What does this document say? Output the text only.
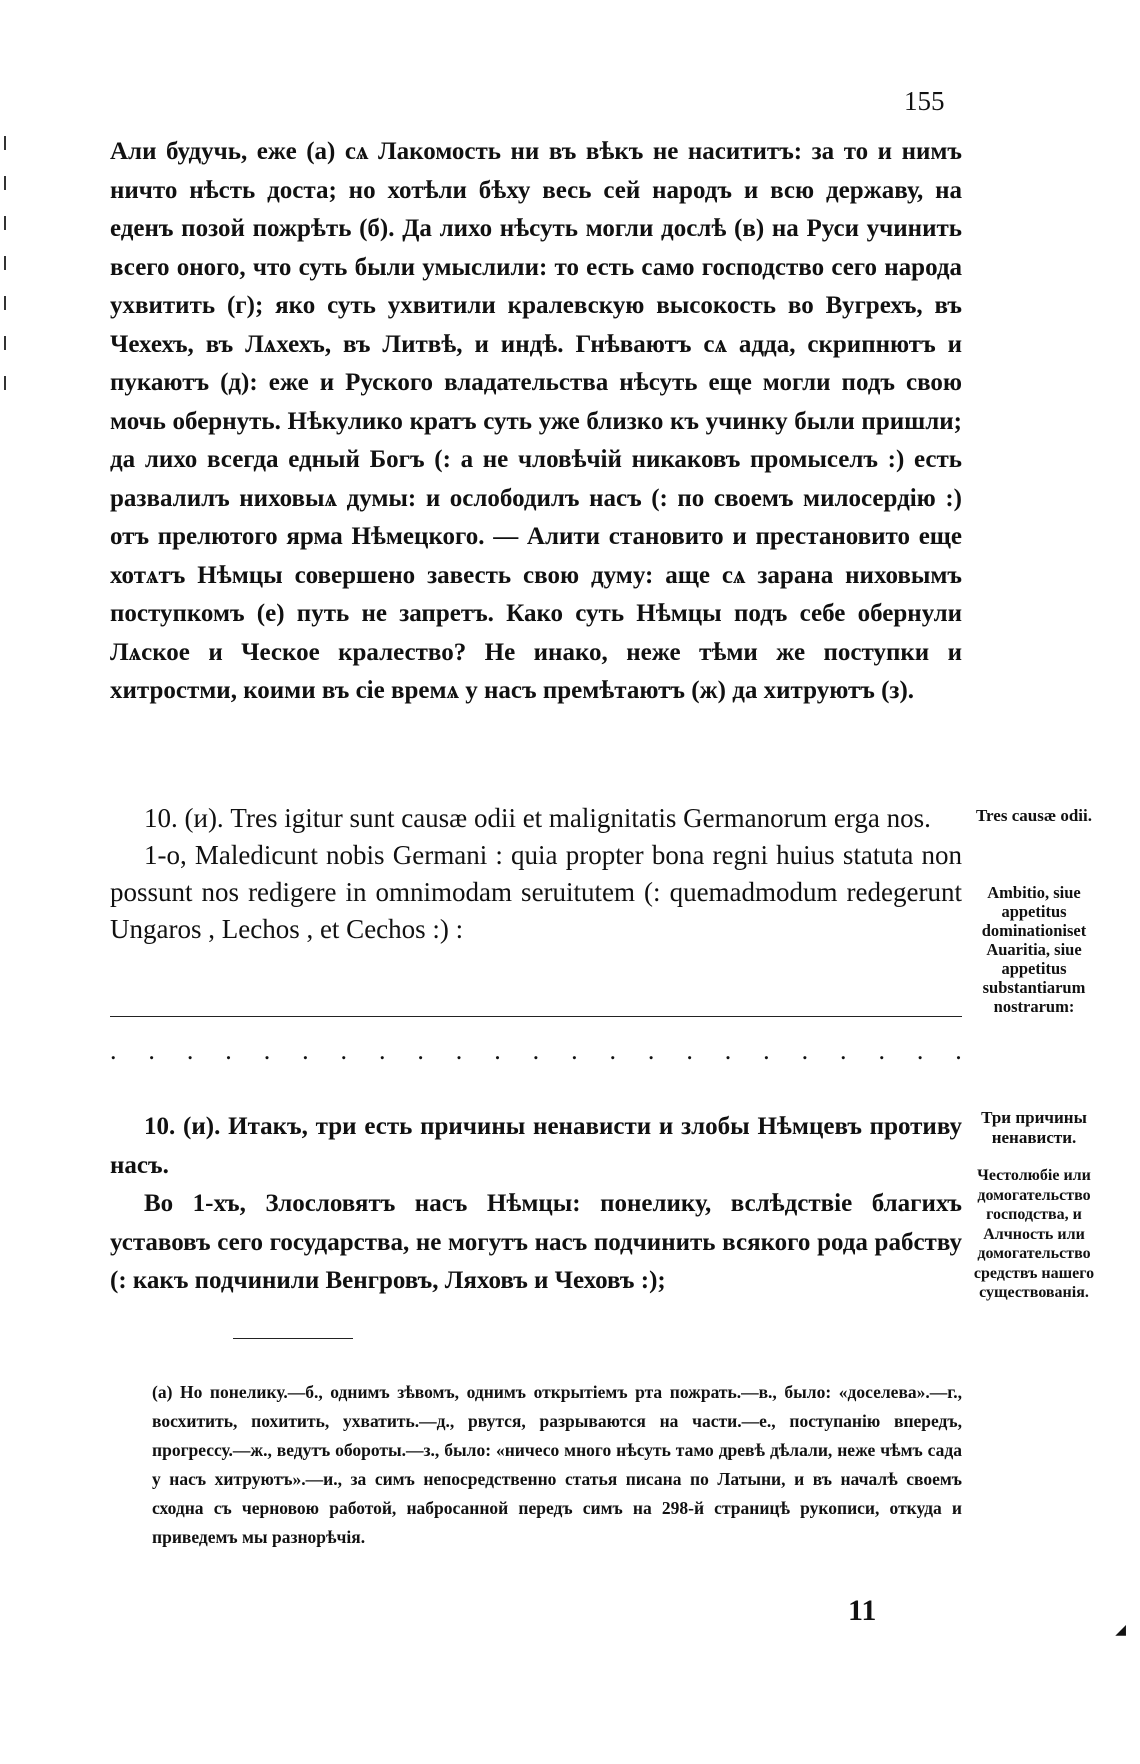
155

Али будучь, еже (а) сѧ Лакомость ни въ вѣкъ не насититъ: за то и нимъ ничто нѣсть доста; но хотѣли бѣху весь сей народъ и всю державу, на еденъ позой пожрѣть (б). Да лихо нѣсуть могли дослѣ (в) на Руси учинить всего оного, что суть были умыслили: то есть само господство сего народа ухвитить (г); яко суть ухвитили кралевскую высокость во Вугрехъ, въ Чехехъ, въ Лѧхехъ, въ Литвѣ, и индѣ. Гнѣваютъ сѧ адда, скрипнютъ и пукаютъ (д): еже и Руского владательства нѣсуть еще могли подъ свою мочь обернуть. Нѣкулико кратъ суть уже близко къ учинку были пришли; да лихо всегда едный Богъ (: а не чловѣчій никаковъ промыселъ :) есть развалилъ ниховыѧ думы: и ослободилъ насъ (: по своемъ милосердію :) отъ прелютого ярма Нѣмецкого. — Алити становито и престановито еще хотѧтъ Нѣмцы совершено завесть свою думу: аще сѧ зарана ниховымъ поступкомъ (е) путь не запретъ. Како суть Нѣмцы подъ себе обернули Лѧское и Ческое кралество? Не инако, неже тѣми же поступки и хитростми, коими въ сіе времѧ у насъ премѣтаютъ (ж) да хитруютъ (з).

10. (и). Tres igitur sunt causæ odii et malignitatis Germanorum erga nos.

1-o, Maledicunt nobis Germani : quia propter bona regni huius statuta non possunt nos redigere in omnimodam seruitutem (: quemadmodum redegerunt Ungaros , Lechos , et Cechos :) :

. . . . . . . . . . . . . . . . . . . . . . .

10. (и). Итакъ, три есть причины ненависти и злобы Нѣмцевъ противу насъ.

Во 1-хъ, Злословятъ насъ Нѣмцы: понелику, вслѣдствіе благихъ уставовъ сего государства, не могутъ насъ подчинить всякого рода рабству (: какъ подчинили Венгровъ, Ляховъ и Чеховъ :);

(а) Но понелику.—б., однимъ зѣвомъ, однимъ открытіемъ рта пожрать.—в., было: «доселева».—г., восхитить, похитить, ухватить.—д., рвутся, разрываются на части.—е., поступанію впередъ, прогрессу.—ж., ведутъ обороты.—з., было: «ничесо много нѣсуть тамо древѣ дѣлали, неже чѣмъ сада у насъ хитруютъ».—и., за симъ непосредственно статья писана по Латыни, и въ началѣ своемъ сходна съ черновою работой, набросанной передъ симъ на 298-й страницѣ рукописи, откуда и приведемъ мы разнорѣчія.
Tres causæ odii.
Ambitio, siue appetitus dominationiset Auaritia, siue appetitus substantiarum nostrarum:
Три причины ненависти.
Честолюбіе или домогательство господства, и Алчность или домогательство средствъ нашего существованія.
11
◢
